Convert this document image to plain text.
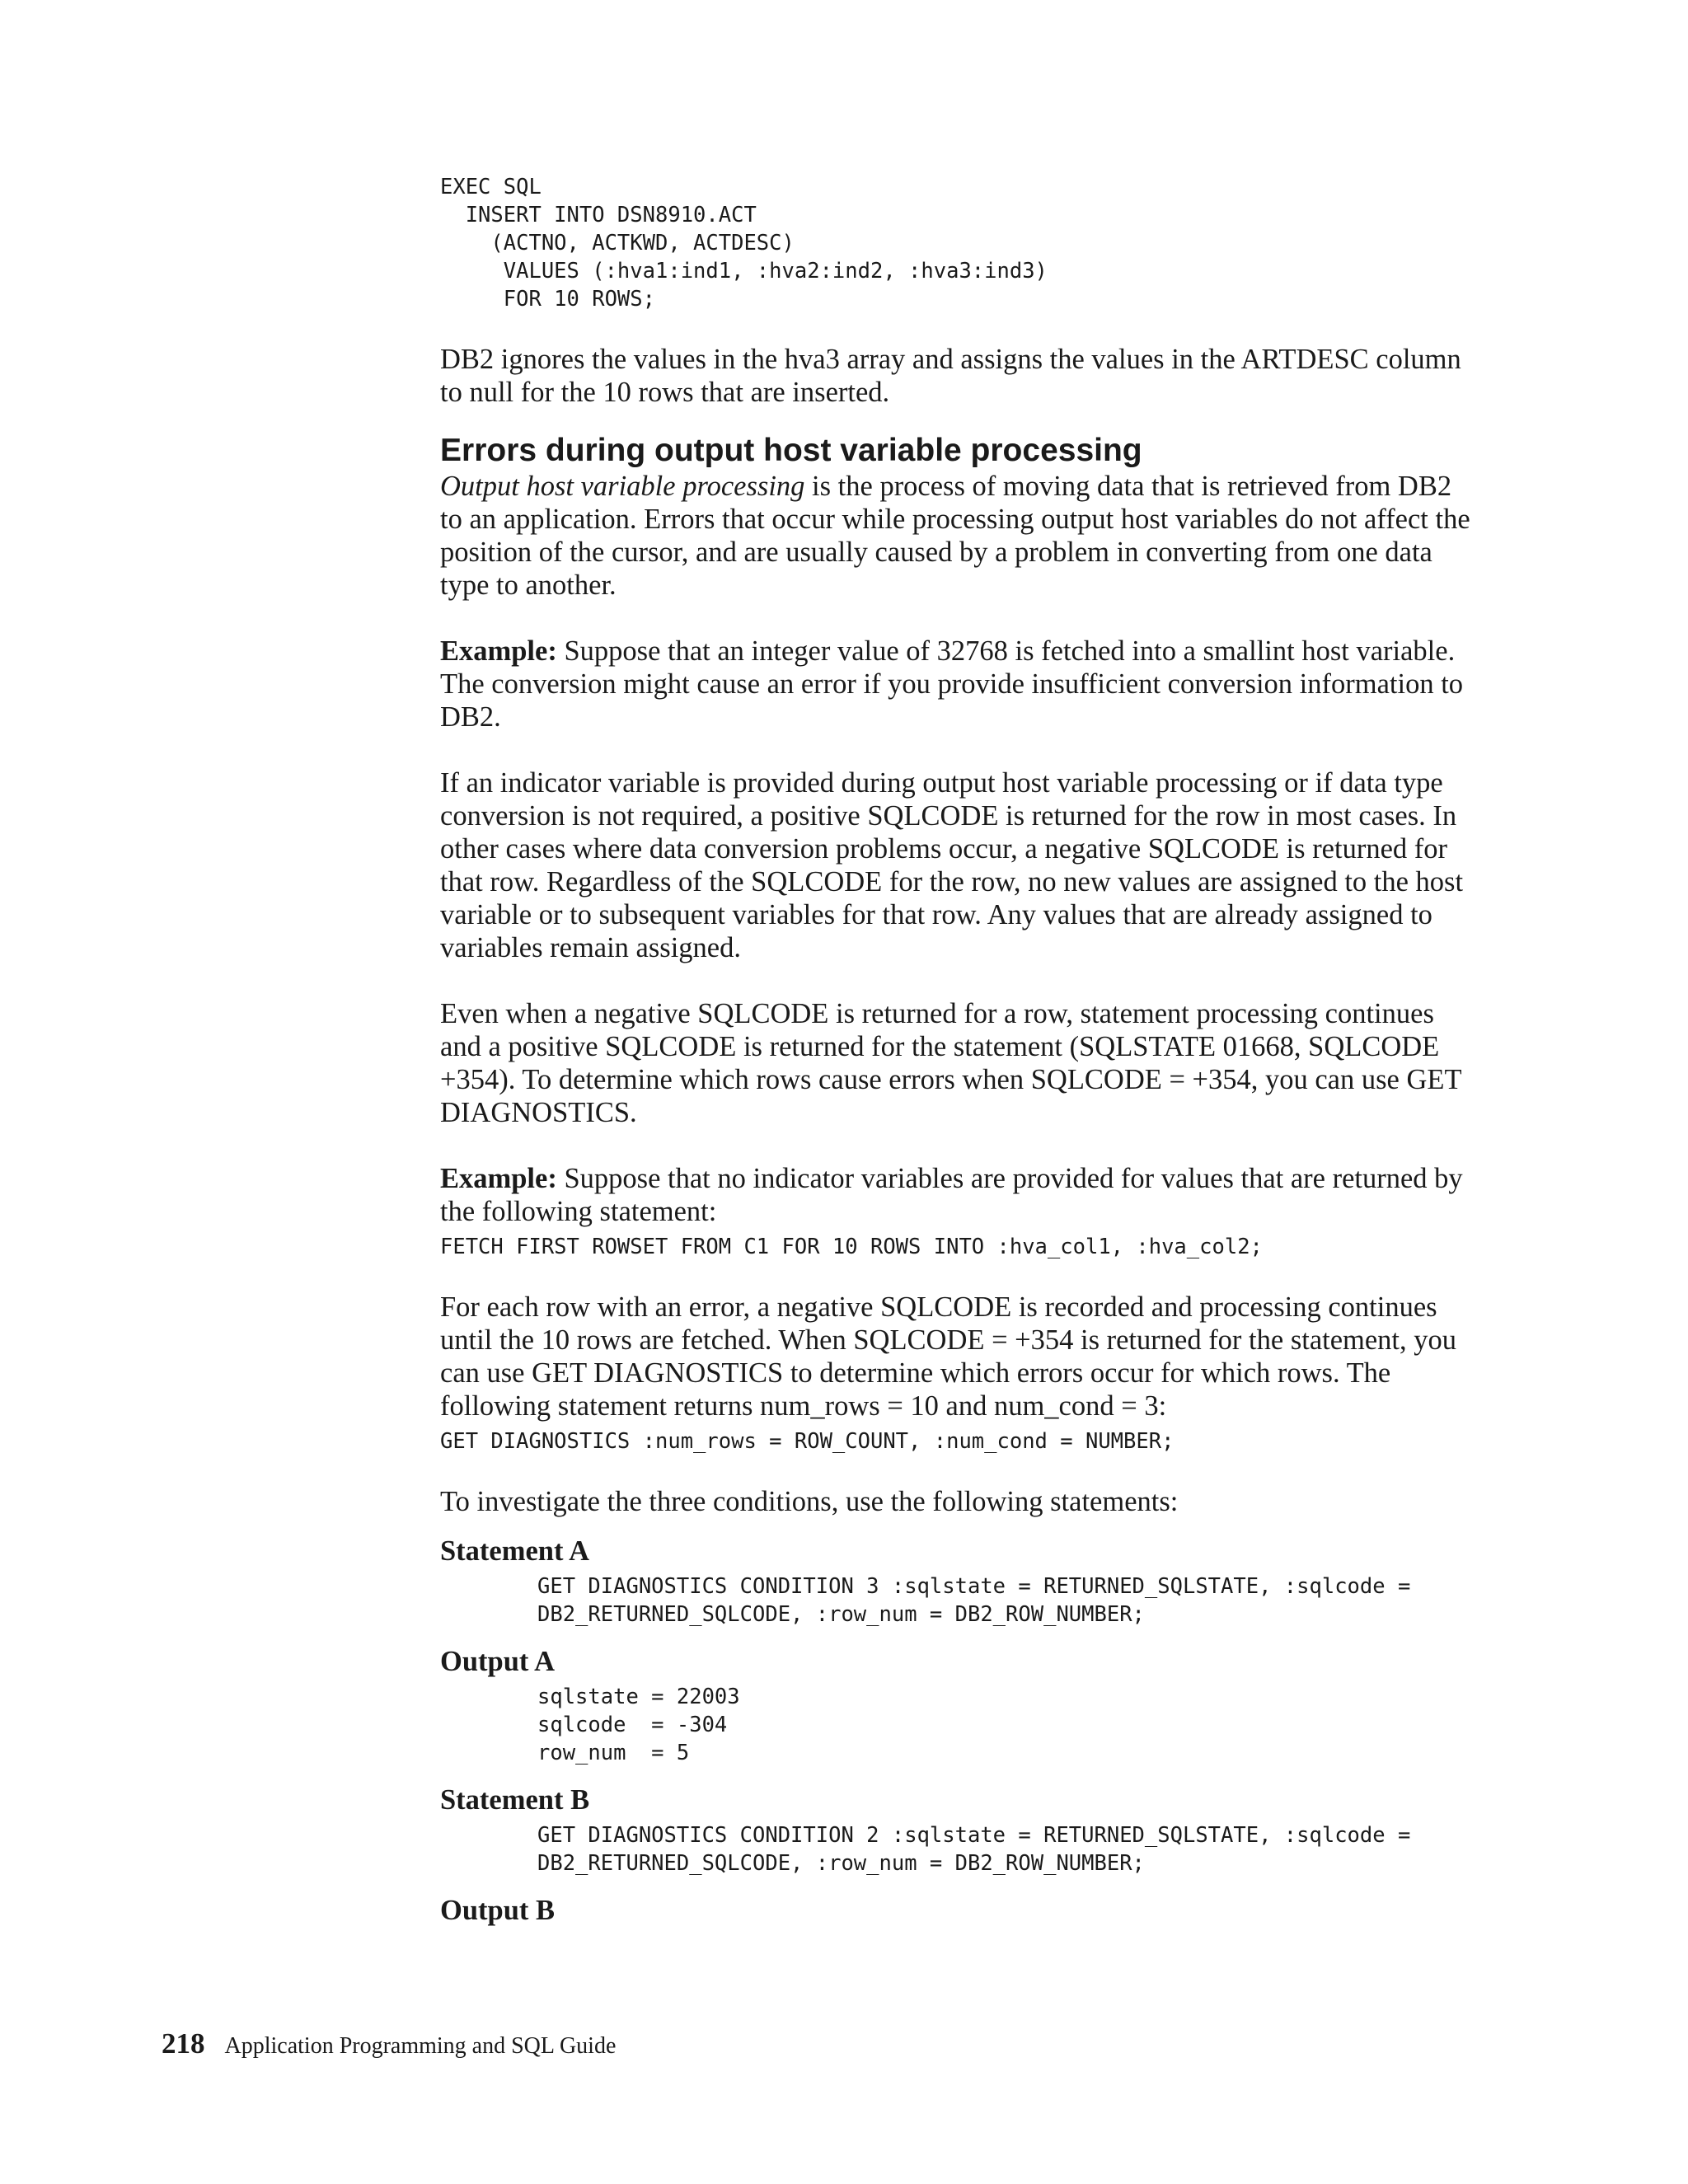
EXEC SQL
INSERT INTO DSN8910.ACT
(ACTNO, ACTKWD, ACTDESC)
VALUES (:hva1:ind1, :hva2:ind2, :hva3:ind3)
FOR 10 ROWS;

DB2 ignores the values in the hva3 array and assigns the values in the ARTDESC column to null for the 10 rows that are inserted.

Errors during output host variable processing

Output host variable processing is the process of moving data that is retrieved from DB2 to an application. Errors that occur while processing output host variables do not affect the position of the cursor, and are usually caused by a problem in converting from one data type to another.

Example: Suppose that an integer value of 32768 is fetched into a smallint host variable. The conversion might cause an error if you provide insufficient conversion information to DB2.

If an indicator variable is provided during output host variable processing or if data type conversion is not required, a positive SQLCODE is returned for the row in most cases. In other cases where data conversion problems occur, a negative SQLCODE is returned for that row. Regardless of the SQLCODE for the row, no new values are assigned to the host variable or to subsequent variables for that row. Any values that are already assigned to variables remain assigned.

Even when a negative SQLCODE is returned for a row, statement processing continues and a positive SQLCODE is returned for the statement (SQLSTATE 01668, SQLCODE +354). To determine which rows cause errors when SQLCODE = +354, you can use GET DIAGNOSTICS.

Example: Suppose that no indicator variables are provided for values that are returned by the following statement:

FETCH FIRST ROWSET FROM C1 FOR 10 ROWS INTO :hva_col1, :hva_col2;

For each row with an error, a negative SQLCODE is recorded and processing continues until the 10 rows are fetched. When SQLCODE = +354 is returned for the statement, you can use GET DIAGNOSTICS to determine which errors occur for which rows. The following statement returns num_rows = 10 and num_cond = 3:

GET DIAGNOSTICS :num_rows = ROW_COUNT, :num_cond = NUMBER;

To investigate the three conditions, use the following statements:

Statement A
GET DIAGNOSTICS CONDITION 3 :sqlstate = RETURNED_SQLSTATE, :sqlcode =
DB2_RETURNED_SQLCODE, :row_num = DB2_ROW_NUMBER;
Output A
sqlstate = 22003
sqlcode  = -304
row_num  = 5
Statement B
GET DIAGNOSTICS CONDITION 2 :sqlstate = RETURNED_SQLSTATE, :sqlcode =
DB2_RETURNED_SQLCODE, :row_num = DB2_ROW_NUMBER;
Output B
218 Application Programming and SQL Guide
